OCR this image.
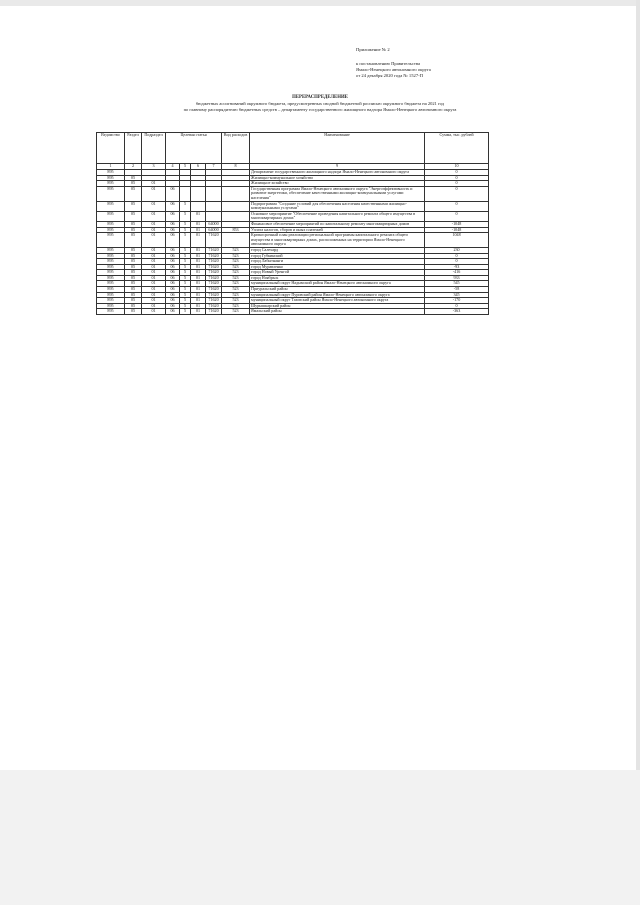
Приложение № 2
к постановлению Правительства
Ямало-Ненецкого автономного округа
от 24 декабря 2020 года № 1527-П
ПЕРЕРАСПРЕДЕЛЕНИЕ
бюджетных ассигнований окружного бюджета, предусмотренных сводной бюджетной росписью окружного бюджета на 2021 год
по главному распорядителю бюджетных средств – департаменту государственного жилищного надзора Ямало-Ненецкого автономного округа
Ведомство	Раздел	Подраздел	Целевая статья				Вид расходов	Наименование	Сумма, тыс. рублей
1	2	3	4	5	6	7	8	9	10
895								Департамент государственного жилищного надзора Ямало-Ненецкого автономного округа	0
895	05							Жилищно-коммунальное хозяйство	0
895	05	01						Жилищное хозяйство	0
895	05	01	06					Государственная программа Ямало-Ненецкого автономного округа "Энергоэффективность и развитие энергетики, обеспечение качественными жилищно-коммунальными услугами населения"	0
895	05	01	06	5				Подпрограмма "Создание условий для обеспечения населения качественными жилищно-коммунальными услугами"	0
895	05	01	06	5	01			Основное мероприятие "Обеспечение проведения капитального ремонта общего имущества в многоквартирных домах"	0
895	05	01	06	5	01	64000		Финансовое обеспечение мероприятий по капитальному ремонту многоквартирных домов	-1048
895	05	01	06	5	01	64000	853	Уплата налогов, сборов и иных платежей	-1048
895	05	01	06	5	01	71620		Краткосрочный план реализации региональной программы капитального ремонта общего имущества в многоквартирных домах, расположенных на территории Ямало-Ненецкого автономного округа	1048
895	05	01	06	5	01	71620	523	город Салехард	230
895	05	01	06	5	01	71620	523	город Губкинский	0
895	05	01	06	5	01	71620	523	город Лабытнанги	0
895	05	01	06	5	01	71620	523	город Муравленко	-93
895	05	01	06	5	01	71620	523	город Новый Уренгой	-416
895	05	01	06	5	01	71620	523	город Ноябрьск	933
895	05	01	06	5	01	71620	523	муниципальный округ Надымский район Ямало-Ненецкого автономного округа	545
895	05	01	06	5	01	71620	523	Приуральский район	-58
895	05	01	06	5	01	71620	523	муниципальный округ Пуровский район Ямало-Ненецкого автономного округа	345
895	05	01	06	5	01	71620	523	муниципальный округ Тазовский район Ямало-Ненецкого автономного округа	-170
895	05	01	06	5	01	71620	523	Шурышкарский район	0
895	05	01	06	5	01	71620	523	Ямальский район	-363
